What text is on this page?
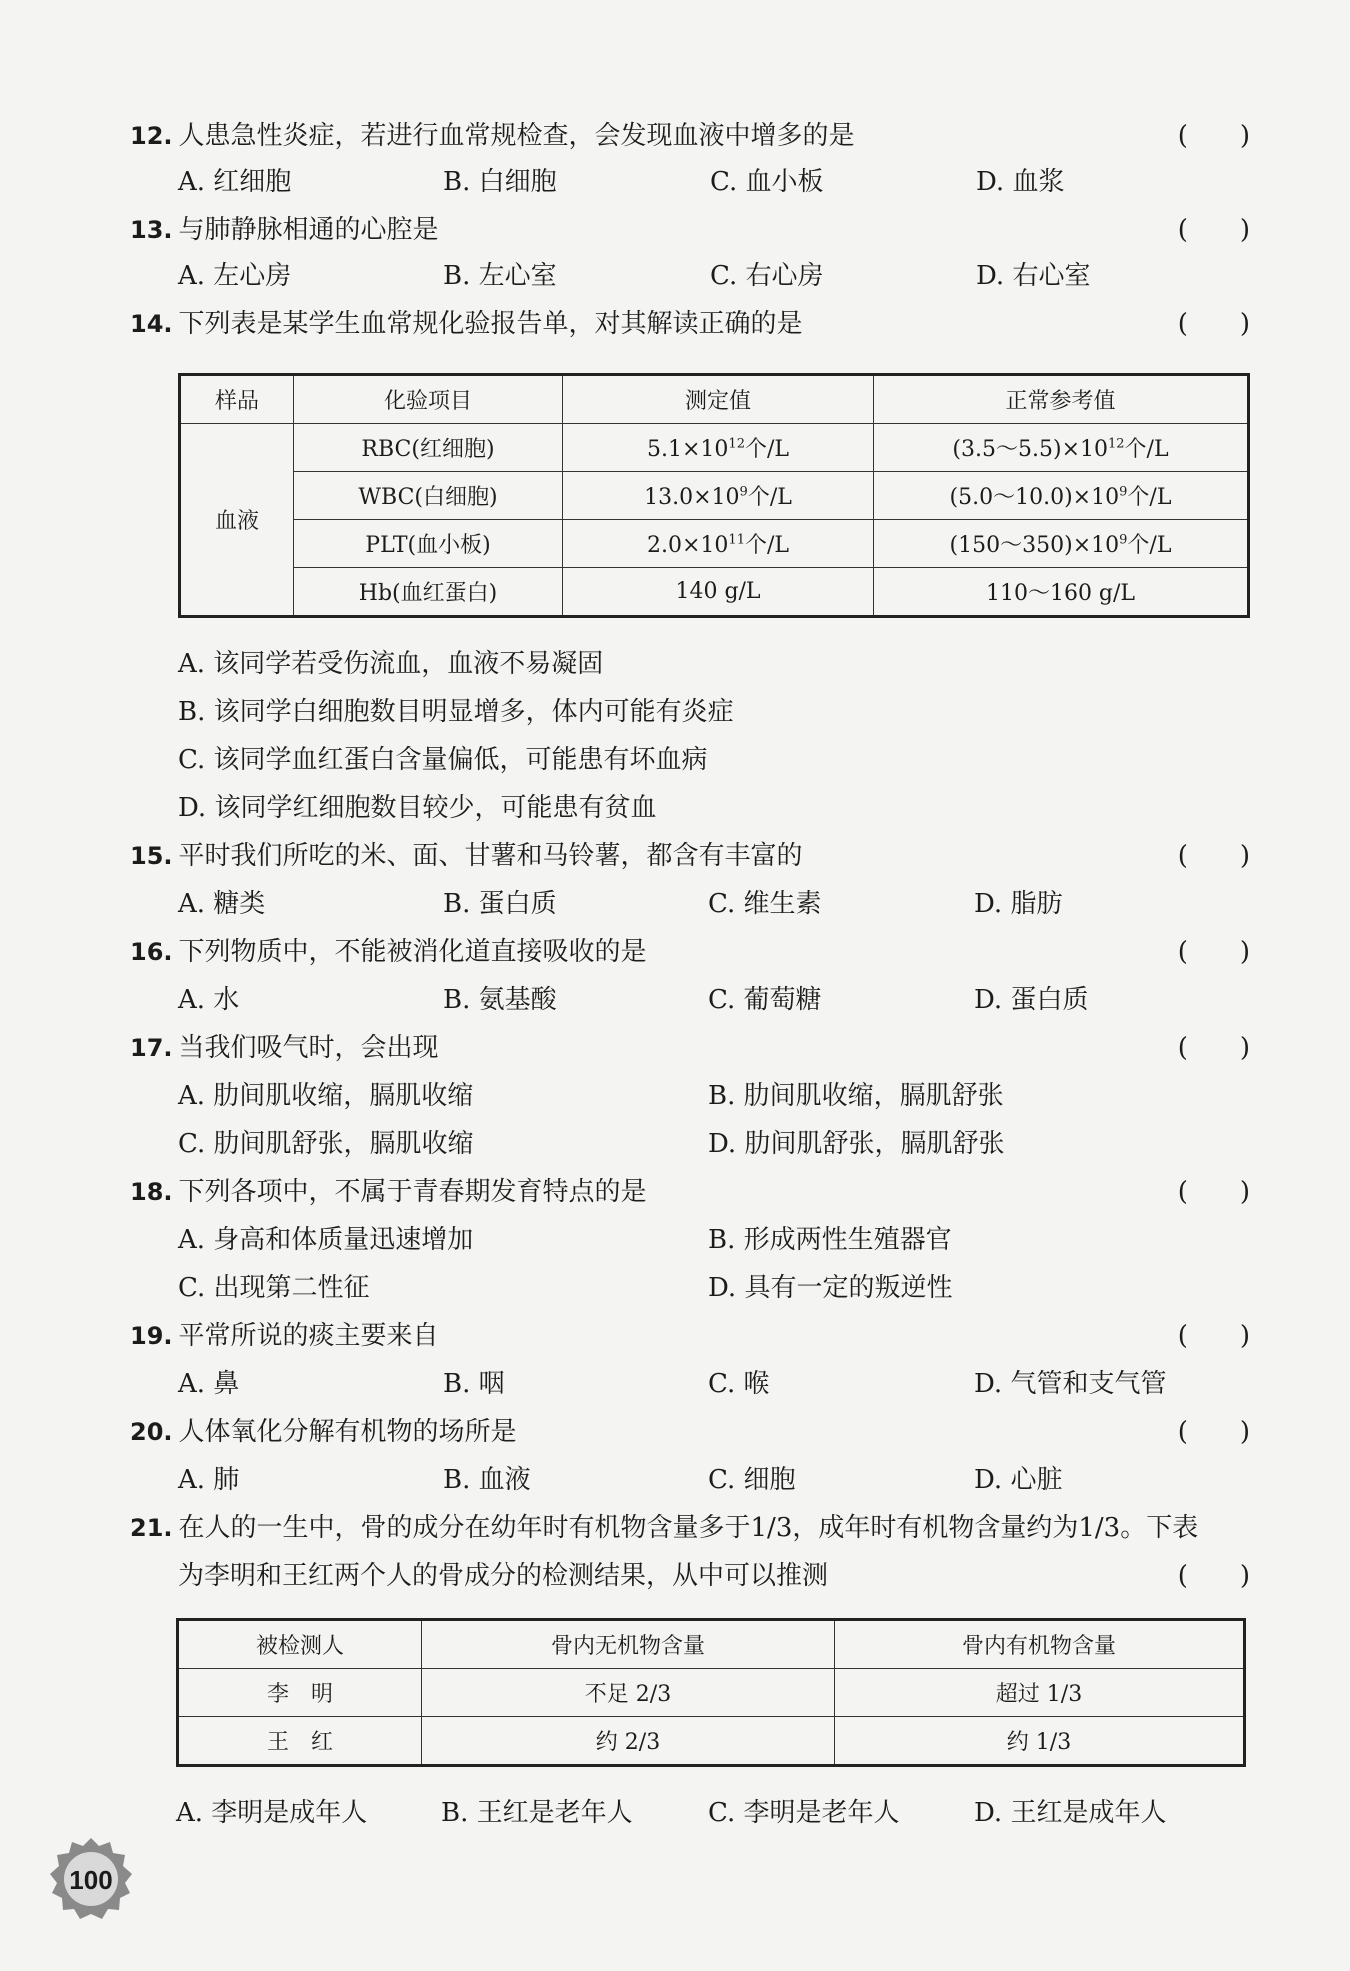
12. 人患急性炎症，若进行血常规检查，会发现血液中增多的是	(　　)
A. 红细胞	B. 白细胞	C. 血小板	D. 血浆
13. 与肺静脉相通的心腔是	(　　)
A. 左心房	B. 左心室	C. 右心房	D. 右心室
14. 下列表是某学生血常规化验报告单，对其解读正确的是	(　　)
样品	化验项目	测定值	正常参考值
血液	RBC(红细胞)	$5.1\times 10^{12}$个/L	$(3.5\sim 5.5)\times 10^{12}$个/L
	WBC(白细胞)	$13.0\times 10^9$个/L	$(5.0\sim 10.0)\times 10^9$个/L
	PLT(血小板)	$2.0\times 10^{11}$个/L	$(150\sim 350)\times 10^9$个/L
	Hb(血红蛋白)	140 g/L	110～160 g/L
A. 该同学若受伤流血，血液不易凝固
B. 该同学白细胞数目明显增多，体内可能有炎症
C. 该同学血红蛋白含量偏低，可能患有坏血病
D. 该同学红细胞数目较少，可能患有贫血
15. 平时我们所吃的米、面、甘薯和马铃薯，都含有丰富的	(　　)
A. 糖类	B. 蛋白质	C. 维生素	D. 脂肪
16. 下列物质中，不能被消化道直接吸收的是	(　　)
A. 水	B. 氨基酸	C. 葡萄糖	D. 蛋白质
17. 当我们吸气时，会出现	(　　)
A. 肋间肌收缩，膈肌收缩	B. 肋间肌收缩，膈肌舒张
C. 肋间肌舒张，膈肌收缩	D. 肋间肌舒张，膈肌舒张
18. 下列各项中，不属于青春期发育特点的是	(　　)
A. 身高和体质量迅速增加	B. 形成两性生殖器官
C. 出现第二性征	D. 具有一定的叛逆性
19. 平常所说的痰主要来自	(　　)
A. 鼻	B. 咽	C. 喉	D. 气管和支气管
20. 人体氧化分解有机物的场所是	(　　)
A. 肺	B. 血液	C. 细胞	D. 心脏
21. 在人的一生中，骨的成分在幼年时有机物含量多于1/3，成年时有机物含量约为1/3。下表
为李明和王红两个人的骨成分的检测结果，从中可以推测	(　　)
被检测人	骨内无机物含量	骨内有机物含量
李　明	不足 2/3	超过 1/3
王　红	约 2/3	约 1/3
A. 李明是成年人	B. 王红是老年人	C. 李明是老年人	D. 王红是成年人
100
